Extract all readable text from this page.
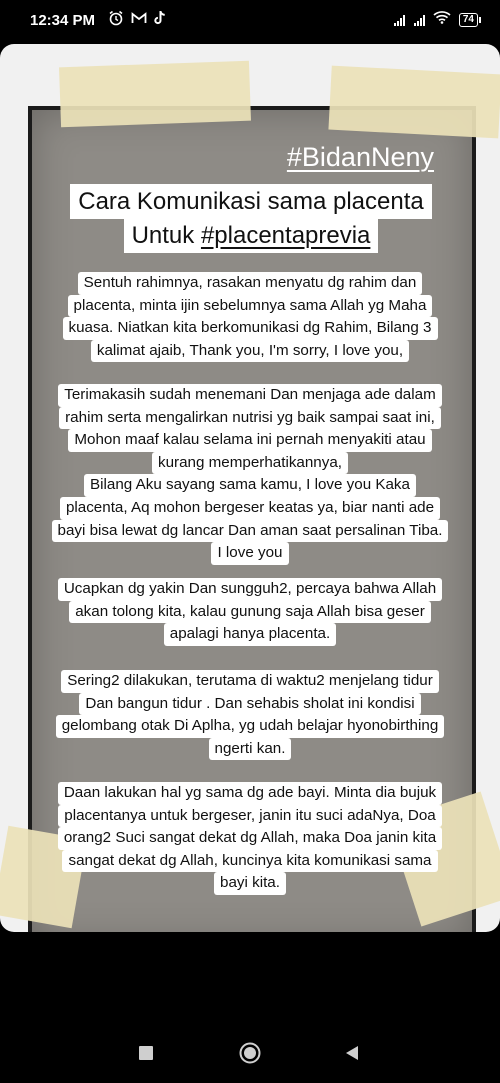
12:34 PM	74
#BidanNeny
Cara Komunikasi sama placenta
Untuk #placentaprevia
Sentuh rahimnya, rasakan menyatu dg rahim dan
placenta, minta ijin sebelumnya sama Allah yg Maha
kuasa. Niatkan kita berkomunikasi dg Rahim, Bilang 3
kalimat ajaib, Thank you, I'm sorry, I love you,
Terimakasih sudah menemani Dan menjaga ade dalam
rahim serta mengalirkan nutrisi yg baik sampai saat ini,
Mohon maaf kalau selama ini pernah menyakiti atau
kurang memperhatikannya,
Bilang Aku sayang sama kamu, I love you Kaka
placenta, Aq mohon bergeser keatas ya, biar nanti ade
bayi bisa lewat dg lancar Dan aman saat persalinan Tiba.
I love you
Ucapkan dg yakin Dan sungguh2, percaya bahwa Allah
akan tolong kita, kalau gunung saja Allah bisa geser
apalagi hanya placenta.
Sering2 dilakukan, terutama di waktu2 menjelang tidur
Dan bangun tidur . Dan sehabis sholat ini kondisi
gelombang otak Di Aplha, yg udah belajar hyonobirthing
ngerti kan.
Daan lakukan hal yg sama dg ade bayi. Minta dia bujuk
placentanya untuk bergeser, janin itu suci adaNya, Doa
orang2 Suci sangat dekat dg Allah, maka Doa janin kita
sangat dekat dg Allah, kuncinya kita komunikasi sama
bayi kita.
